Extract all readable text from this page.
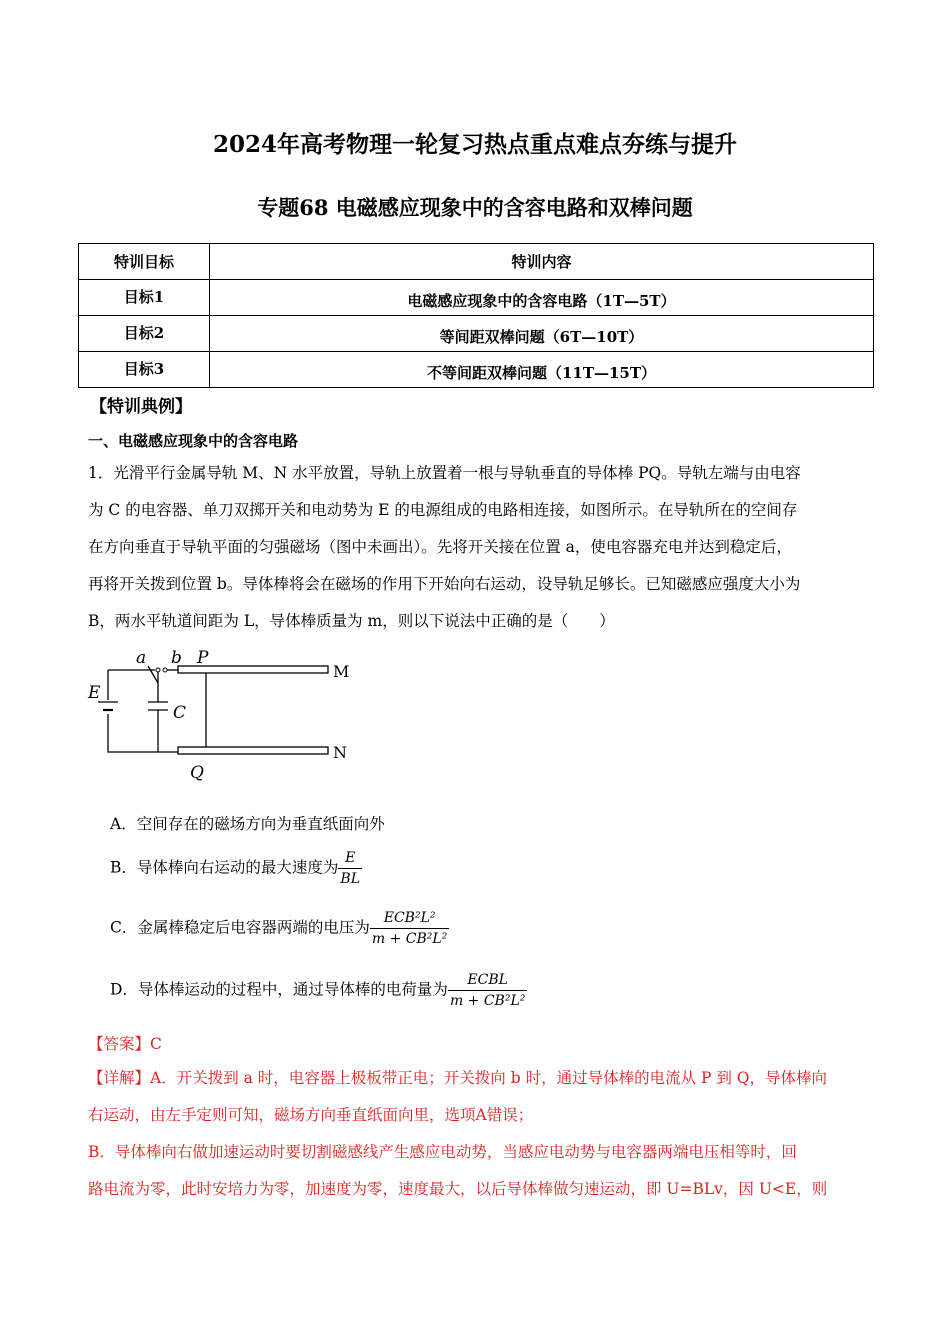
2024年高考物理一轮复习热点重点难点夯练与提升
专题68 电磁感应现象中的含容电路和双棒问题
特训目标	特训内容
目标1	电磁感应现象中的含容电路（1T—5T）
目标2	等间距双棒问题（6T—10T）
目标3	不等间距双棒问题（11T—15T）
【特训典例】
一、电磁感应现象中的含容电路
1．光滑平行金属导轨 M、N 水平放置，导轨上放置着一根与导轨垂直的导体棒 PQ。导轨左端与由电容
为 C 的电容器、单刀双掷开关和电动势为 E 的电源组成的电路相连接，如图所示。在导轨所在的空间存
在方向垂直于导轨平面的匀强磁场（图中未画出）。先将开关接在位置 a，使电容器充电并达到稳定后，
再将开关拨到位置 b。导体棒将会在磁场的作用下开始向右运动，设导轨足够长。已知磁感应强度大小为
B，两水平轨道间距为 L，导体棒质量为 m，则以下说法中正确的是（　　）
a b P
E
C
Q
M
N
A．空间存在的磁场方向为垂直纸面向外
B．导体棒向右运动的最大速度为 $\frac{E}{BL}$
C．金属棒稳定后电容器两端的电压为 $\frac{\text{ECB²L²}}{\text{m + CB²L²}}$
D．导体棒运动的过程中，通过导体棒的电荷量为 $\frac{\text{ECBL}}{\text{m + CB²L²}}$
【答案】C
【详解】A．开关拨到 a 时，电容器上极板带正电；开关拨向 b 时，通过导体棒的电流从 P 到 Q，导体棒向
右运动，由左手定则可知，磁场方向垂直纸面向里，选项A错误；
B．导体棒向右做加速运动时要切割磁感线产生感应电动势，当感应电动势与电容器两端电压相等时，回
路电流为零，此时安培力为零，加速度为零，速度最大，以后导体棒做匀速运动，即 U=BLv，因 U<E，则
